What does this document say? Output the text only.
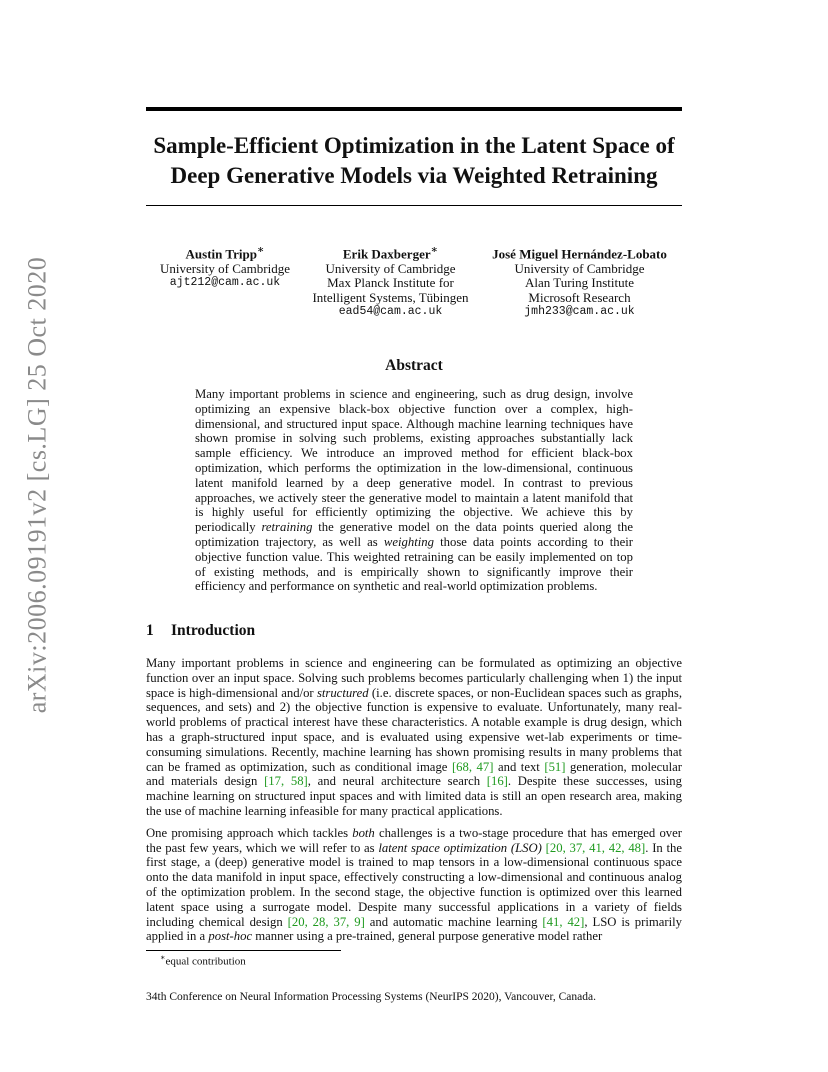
arXiv:2006.09191v2 [cs.LG] 25 Oct 2020
Sample-Efficient Optimization in the Latent Space of
Deep Generative Models via Weighted Retraining
Austin Tripp∗
University of Cambridge
ajt212@cam.ac.uk
Erik Daxberger∗
University of Cambridge
Max Planck Institute for
Intelligent Systems, Tübingen
ead54@cam.ac.uk
José Miguel Hernández-Lobato
University of Cambridge
Alan Turing Institute
Microsoft Research
jmh233@cam.ac.uk
Abstract
Many important problems in science and engineering, such as drug design, involve optimizing an expensive black-box objective function over a complex, high-dimensional, and structured input space. Although machine learning techniques have shown promise in solving such problems, existing approaches substantially lack sample efficiency. We introduce an improved method for efficient black-box optimization, which performs the optimization in the low-dimensional, continuous latent manifold learned by a deep generative model. In contrast to previous approaches, we actively steer the generative model to maintain a latent manifold that is highly useful for efficiently optimizing the objective. We achieve this by periodically retraining the generative model on the data points queried along the optimization trajectory, as well as weighting those data points according to their objective function value. This weighted retraining can be easily implemented on top of existing methods, and is empirically shown to significantly improve their efficiency and performance on synthetic and real-world optimization problems.
1 Introduction

Many important problems in science and engineering can be formulated as optimizing an objective function over an input space. Solving such problems becomes particularly challenging when 1) the input space is high-dimensional and/or structured (i.e. discrete spaces, or non-Euclidean spaces such as graphs, sequences, and sets) and 2) the objective function is expensive to evaluate. Unfortunately, many real-world problems of practical interest have these characteristics. A notable example is drug design, which has a graph-structured input space, and is evaluated using expensive wet-lab experiments or time-consuming simulations. Recently, machine learning has shown promising results in many problems that can be framed as optimization, such as conditional image [68, 47] and text [51] generation, molecular and materials design [17, 58], and neural architecture search [16]. Despite these successes, using machine learning on structured input spaces and with limited data is still an open research area, making the use of machine learning infeasible for many practical applications.

One promising approach which tackles both challenges is a two-stage procedure that has emerged over the past few years, which we will refer to as latent space optimization (LSO) [20, 37, 41, 42, 48]. In the first stage, a (deep) generative model is trained to map tensors in a low-dimensional continuous space onto the data manifold in input space, effectively constructing a low-dimensional and continuous analog of the optimization problem. In the second stage, the objective function is optimized over this learned latent space using a surrogate model. Despite many successful applications in a variety of fields including chemical design [20, 28, 37, 9] and automatic machine learning [41, 42], LSO is primarily applied in a post-hoc manner using a pre-trained, general purpose generative model rather

∗equal contribution
34th Conference on Neural Information Processing Systems (NeurIPS 2020), Vancouver, Canada.
